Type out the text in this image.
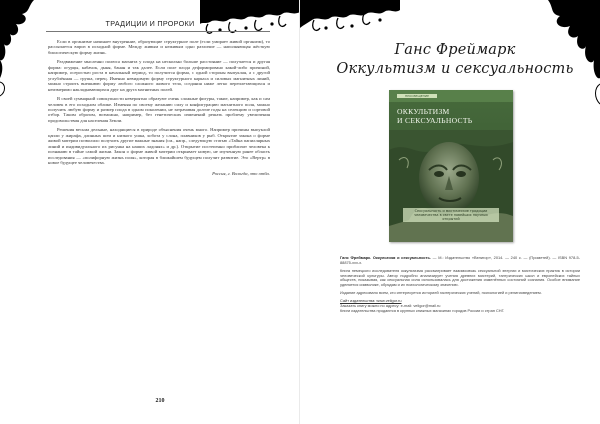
ТРАДИЦИИ И ПРОРОКИ

Если в организме начинает внутренние, образующие структурное поле (если умирает живой организм), то рассыпается вприз в исходной форме. Между живым и неживым одно различие — наполняющая жёсткую биологическую форму жизнь.

Раздвижение мысленно полюса магнита у плода на несколько больше расстояние — получается и другая форма: огурцы, кабачок, дыня, банан и так далее. Если поле плода деформировано какой-либо причиной, например, осеростью роста в начальный период, то получится форма, с одной стороны выпуклая, а с другой углублённая — груша, перец. Именно невидимую форму структурного каркаса и силовых магнитных линий, можно строить внешнюю форму любого сложного живого тела, создания ниже легко переплетающихся и неизмеримо накладывающихся друг на друга магнитных полей.

В своей суммарной совокупности невероятно образуют очень сложные фигуры, такие, например, как и сам человек в его исходном облике. Изменяя по своему желанию силу и конфигурацию магнитного поля, можно получить любую форму и размер плода в одном поколении, не затрачивая долгие годы на селекцию и сортовой отбор. Таким образом, возможно, например, без генетических изменений решать проблему увеличения продовольствия для населения Земли.

Решения весьма дельные, находящиеся в природе объяснения очень много. Например причины выпуклой цапли у жирафа, длинных шеи и низкого ушка, хобота у слона, плавников у рыб. Открытие закона о форме живой материи позволило получить другие важные знания (см., напр., следующую статью «Тайна папиллярных линий и индивидуального их рисунка на наших ладонях» и др.). Открытие постепенно приблизит человека к познанию в тайне самой жизни. Закон о форме живой материи открывает новую, не изученную ранее область исследования — «полифорную жизнь поля», которая в ближайшем будущем получит развитие. Это «Вертр» в новое будущее человечества.

Россия, г. Вологда, это отба.

210
Ганс Фреймарк
Оккультизм и сексуальность
ПРОСВЕЩЕНИЕ
ОККУЛЬТИЗМ
И СЕКСУАЛЬНОСТЬ
Сексуальность и мистические традиции человечества в свете новейших научных открытий

Ганс Фреймарк. Оккультизм и сексуальность. — М.: Издательство «Велигор», 2014. — 240 с. — (Прометей). — ISBN 978-5-88875-xxx-x.

Книга немецкого исследователя оккультизма рассматривает взаимосвязь сексуальной энергии и мистических практик в истории человеческой культуры. Автор подробно анализирует учения древних мистерий, тантрических школ и европейских тайных обществ, показывая, как сексуальная сила использовалась для достижения изменённых состояний сознания. Особое внимание уделяется символике, обрядам и их психологическому значению.

Издание адресовано всем, кто интересуется историей эзотерических учений, психологией и религиоведением.

Сайт издательства: www.veligor.ru
Заказать книгу можно по адресу: e-mail: veligor@mail.ru
Книги издательства продаются в крупных книжных магазинах городов России и стран СНГ.
